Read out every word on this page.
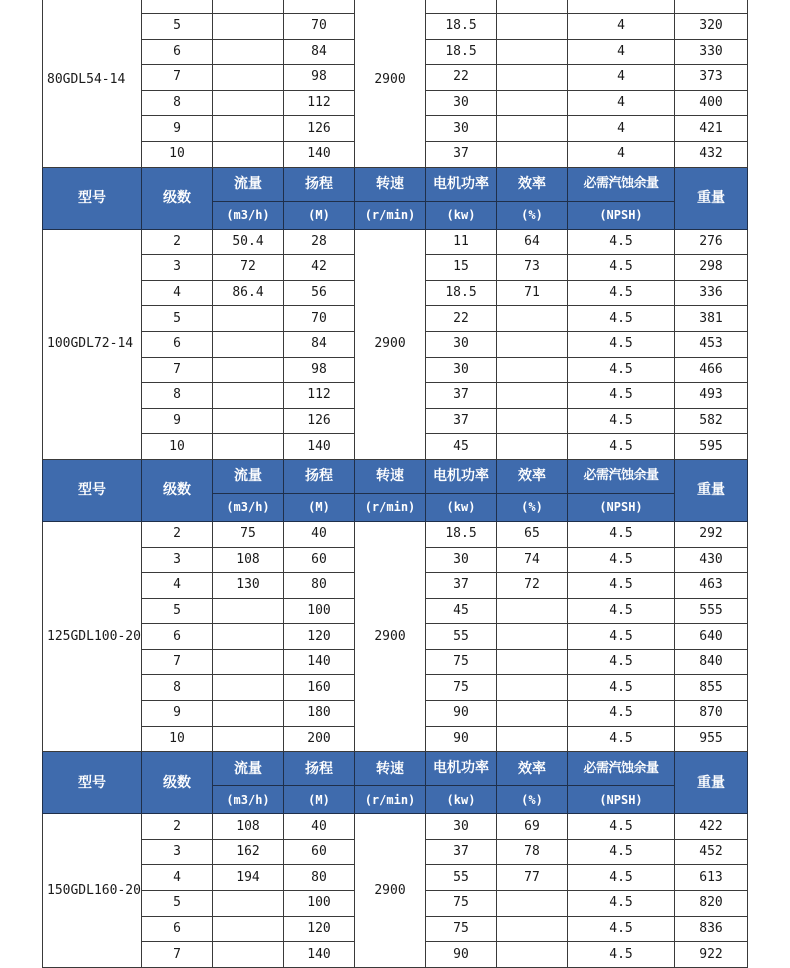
80GDL54-14				2900				
	5		70		18.5		4	320
	6		84		18.5		4	330
	7		98		22		4	373
	8		112		30		4	400
	9		126		30		4	421
	10		140		37		4	432
型号	级数	流量	扬程	转速	电机功率	效率	必需汽蚀余量	重量
		(m3/h)	(M)	(r/min)	(kw)	(%)	(NPSH)	
100GDL72-14	2	50.4	28	2900	11	64	4.5	276
	3	72	42		15	73	4.5	298
	4	86.4	56		18.5	71	4.5	336
	5		70		22		4.5	381
	6		84		30		4.5	453
	7		98		30		4.5	466
	8		112		37		4.5	493
	9		126		37		4.5	582
	10		140		45		4.5	595
型号	级数	流量	扬程	转速	电机功率	效率	必需汽蚀余量	重量
		(m3/h)	(M)	(r/min)	(kw)	(%)	(NPSH)	
125GDL100-20	2	75	40	2900	18.5	65	4.5	292
	3	108	60		30	74	4.5	430
	4	130	80		37	72	4.5	463
	5		100		45		4.5	555
	6		120		55		4.5	640
	7		140		75		4.5	840
	8		160		75		4.5	855
	9		180		90		4.5	870
	10		200		90		4.5	955
型号	级数	流量	扬程	转速	电机功率	效率	必需汽蚀余量	重量
		(m3/h)	(M)	(r/min)	(kw)	(%)	(NPSH)	
150GDL160-20	2	108	40	2900	30	69	4.5	422
	3	162	60		37	78	4.5	452
	4	194	80		55	77	4.5	613
	5		100		75		4.5	820
	6		120		75		4.5	836
	7		140		90		4.5	922
